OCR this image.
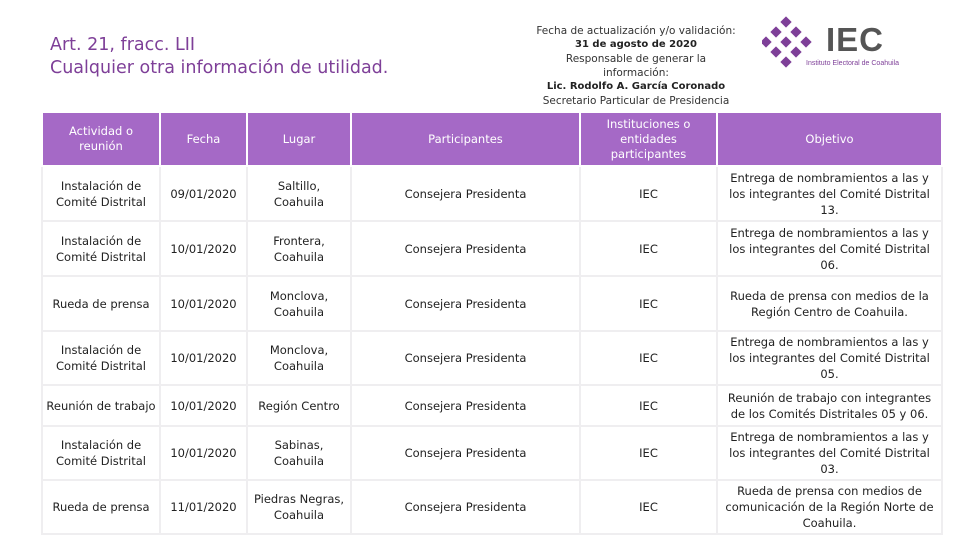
Art. 21, fracc. LII
Cualquier otra información de utilidad.
Fecha de actualización y/o validación:
31 de agosto de 2020
Responsable de generar la información:
Lic. Rodolfo A. García Coronado
Secretario Particular de Presidencia
IEC
Instituto Electoral de Coahuila
Actividad o reunión	Fecha	Lugar	Participantes	Instituciones o entidades participantes	Objetivo
Instalación de Comité Distrital	09/01/2020	Saltillo, Coahuila	Consejera Presidenta	IEC	Entrega de nombramientos a las y los integrantes del Comité Distrital 13.
Instalación de Comité Distrital	10/01/2020	Frontera, Coahuila	Consejera Presidenta	IEC	Entrega de nombramientos a las y los integrantes del Comité Distrital 06.
Rueda de prensa	10/01/2020	Monclova, Coahuila	Consejera Presidenta	IEC	Rueda de prensa con medios de la Región Centro de Coahuila.
Instalación de Comité Distrital	10/01/2020	Monclova, Coahuila	Consejera Presidenta	IEC	Entrega de nombramientos a las y los integrantes del Comité Distrital 05.
Reunión de trabajo	10/01/2020	Región Centro	Consejera Presidenta	IEC	Reunión de trabajo con integrantes de los Comités Distritales 05 y 06.
Instalación de Comité Distrital	10/01/2020	Sabinas, Coahuila	Consejera Presidenta	IEC	Entrega de nombramientos a las y los integrantes del Comité Distrital 03.
Rueda de prensa	11/01/2020	Piedras Negras, Coahuila	Consejera Presidenta	IEC	Rueda de prensa con medios de comunicación de la Región Norte de Coahuila.
